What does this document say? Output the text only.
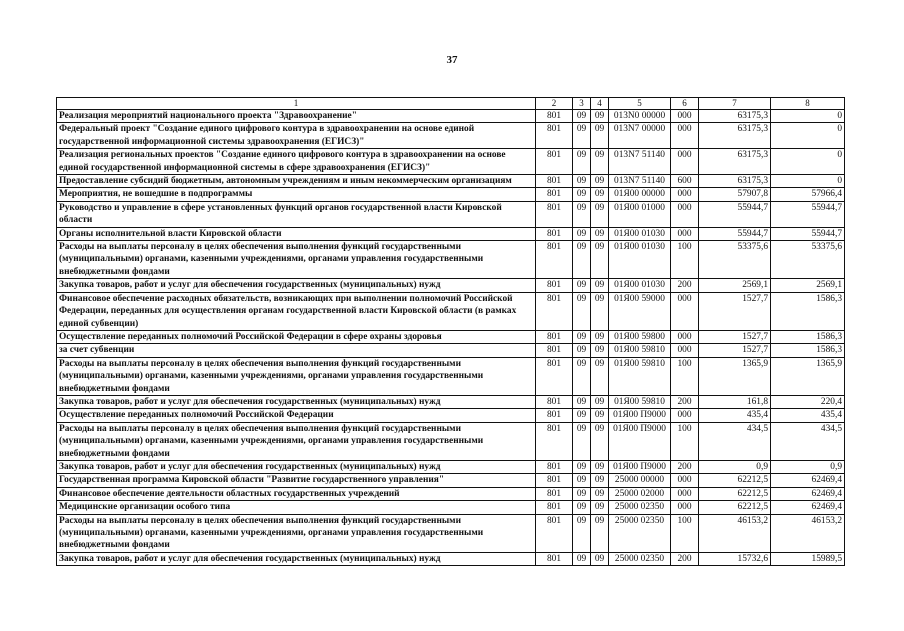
37
1	2	3	4	5	6	7	8
Реализация мероприятий национального проекта "Здравоохранение"	801	09	09	013N0 00000	000	63175,3	0
Федеральный проект "Создание единого цифрового контура в здравоохранении на основе единой государственной информационной системы здравоохранения (ЕГИСЗ)"	801	09	09	013N7 00000	000	63175,3	0
Реализация региональных проектов "Создание единого цифрового контура в здравоохранении на основе единой государственной информационной системы в сфере здравоохранения (ЕГИСЗ)"	801	09	09	013N7 51140	000	63175,3	0
Предоставление субсидий бюджетным, автономным учреждениям и иным некоммерческим организациям	801	09	09	013N7 51140	600	63175,3	0
Мероприятия, не вошедшие в подпрограммы	801	09	09	01Я00 00000	000	57907,8	57966,4
Руководство и управление в сфере установленных функций органов государственной власти Кировской области	801	09	09	01Я00 01000	000	55944,7	55944,7
Органы исполнительной власти Кировской области	801	09	09	01Я00 01030	000	55944,7	55944,7
Расходы на выплаты персоналу в целях обеспечения выполнения функций государственными (муниципальными) органами, казенными учреждениями, органами управления государственными внебюджетными фондами	801	09	09	01Я00 01030	100	53375,6	53375,6
Закупка товаров, работ и услуг для обеспечения государственных (муниципальных) нужд	801	09	09	01Я00 01030	200	2569,1	2569,1
Финансовое обеспечение расходных обязательств, возникающих при выполнении полномочий Российской Федерации, переданных для осуществления органам государственной власти Кировской области (в рамках единой субвенции)	801	09	09	01Я00 59000	000	1527,7	1586,3
Осуществление переданных полномочий Российской Федерации в сфере охраны здоровья	801	09	09	01Я00 59800	000	1527,7	1586,3
за счет субвенции	801	09	09	01Я00 59810	000	1527,7	1586,3
Расходы на выплаты персоналу в целях обеспечения выполнения функций государственными (муниципальными) органами, казенными учреждениями, органами управления государственными внебюджетными фондами	801	09	09	01Я00 59810	100	1365,9	1365,9
Закупка товаров, работ и услуг для обеспечения государственных (муниципальных) нужд	801	09	09	01Я00 59810	200	161,8	220,4
Осуществление переданных полномочий Российской Федерации	801	09	09	01Я00 П9000	000	435,4	435,4
Расходы на выплаты персоналу в целях обеспечения выполнения функций государственными (муниципальными) органами, казенными учреждениями, органами управления государственными внебюджетными фондами	801	09	09	01Я00 П9000	100	434,5	434,5
Закупка товаров, работ и услуг для обеспечения государственных (муниципальных) нужд	801	09	09	01Я00 П9000	200	0,9	0,9
Государственная программа Кировской области "Развитие государственного управления"	801	09	09	25000 00000	000	62212,5	62469,4
Финансовое обеспечение деятельности областных государственных учреждений	801	09	09	25000 02000	000	62212,5	62469,4
Медицинские организации особого типа	801	09	09	25000 02350	000	62212,5	62469,4
Расходы на выплаты персоналу в целях обеспечения выполнения функций государственными (муниципальными) органами, казенными учреждениями, органами управления государственными внебюджетными фондами	801	09	09	25000 02350	100	46153,2	46153,2
Закупка товаров, работ и услуг для обеспечения государственных (муниципальных) нужд	801	09	09	25000 02350	200	15732,6	15989,5
